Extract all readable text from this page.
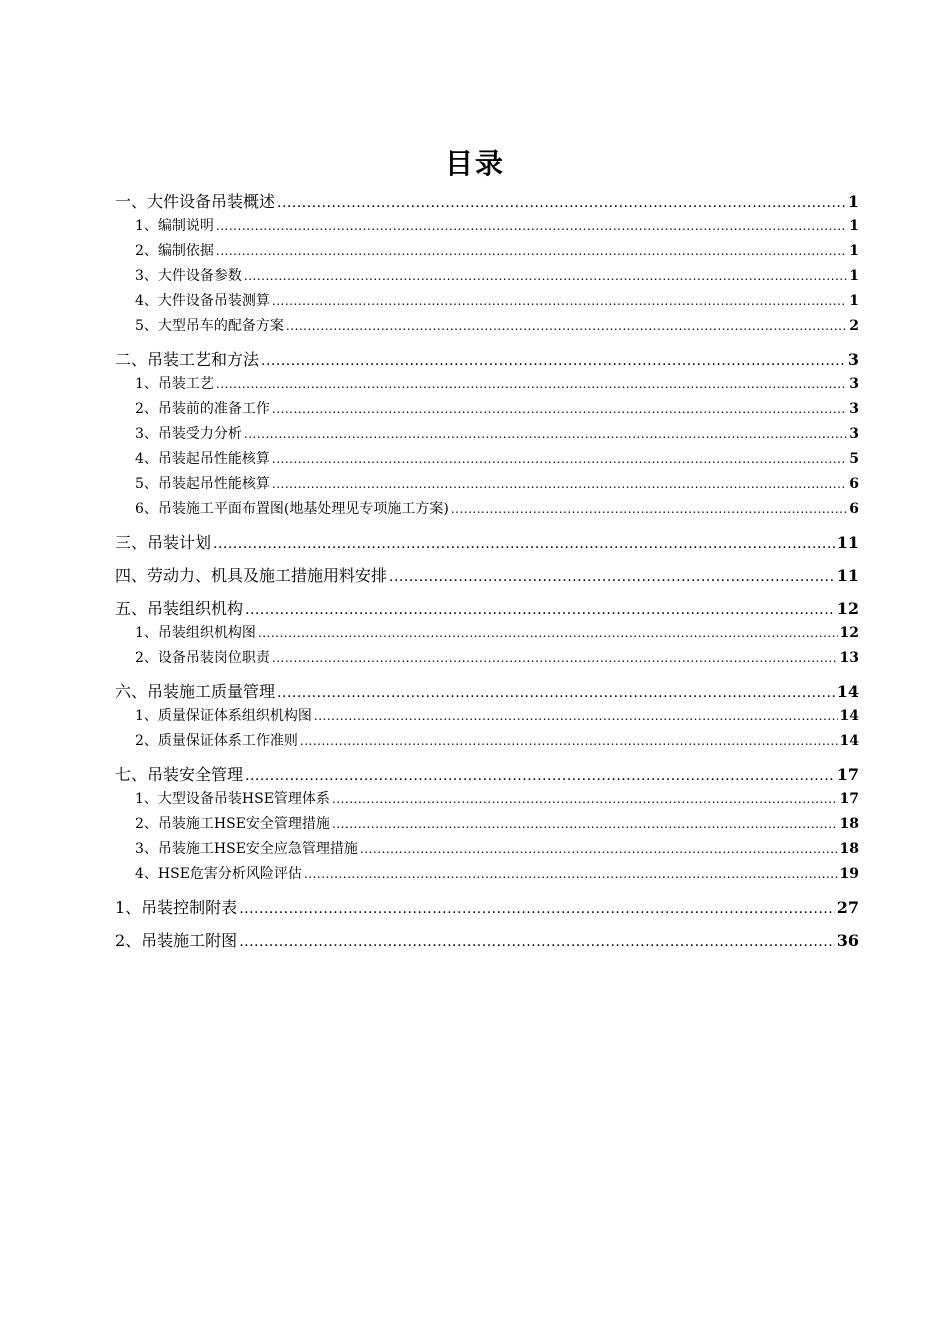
目录
一、大件设备吊装概述 .....	1
1、编制说明 .....	1
2、编制依据 .....	1
3、大件设备参数 .....	1
4、大件设备吊装测算 .....	1
5、大型吊车的配备方案 .....	2
二、吊装工艺和方法 .....	3
1、吊装工艺 .....	3
2、吊装前的准备工作 .....	3
3、吊装受力分析 .....	3
4、吊装起吊性能核算 .....	5
5、吊装起吊性能核算 .....	6
6、吊装施工平面布置图(地基处理见专项施工方案) .....	6
三、吊装计划 .....	11
四、劳动力、机具及施工措施用料安排 .....	11
五、吊装组织机构 .....	12
1、吊装组织机构图 .....	12
2、设备吊装岗位职责 .....	13
六、吊装施工质量管理 .....	14
1、质量保证体系组织机构图 .....	14
2、质量保证体系工作准则 .....	14
七、吊装安全管理 .....	17
1、大型设备吊装HSE管理体系 .....	17
2、吊装施工HSE安全管理措施 .....	18
3、吊装施工HSE安全应急管理措施 .....	18
4、HSE危害分析风险评估 .....	19
1、吊装控制附表 .....	27
2、吊装施工附图 .....	36
